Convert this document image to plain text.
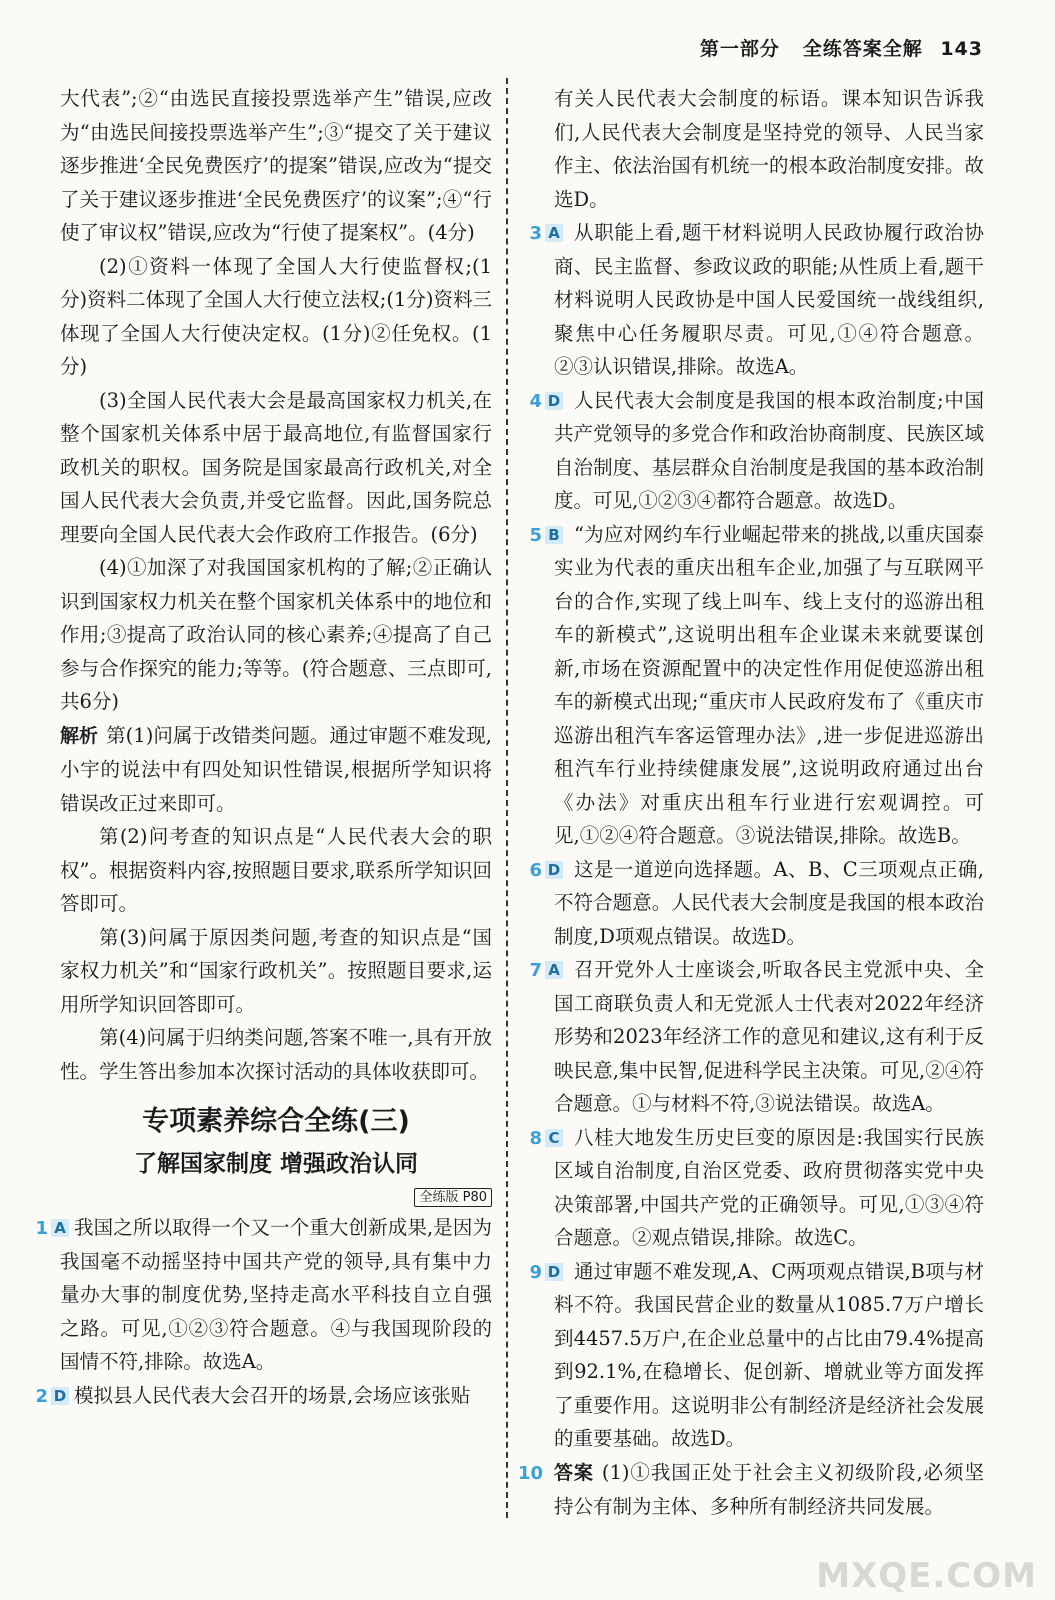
第一部分 全练答案全解 143

大代表”;②“由选民直接投票选举产生”错误,应改为“由选民间接投票选举产生”;③“提交了关于建议逐步推进‘全民免费医疗’的提案”错误,应改为“提交了关于建议逐步推进‘全民免费医疗’的议案”;④“行使了审议权”错误,应改为“行使了提案权”。(4分)

(2)①资料一体现了全国人大行使监督权;(1分)资料二体现了全国人大行使立法权;(1分)资料三体现了全国人大行使决定权。(1分)②任免权。(1分)

(3)全国人民代表大会是最高国家权力机关,在整个国家机关体系中居于最高地位,有监督国家行政机关的职权。国务院是国家最高行政机关,对全国人民代表大会负责,并受它监督。因此,国务院总理要向全国人民代表大会作政府工作报告。(6分)

(4)①加深了对我国国家机构的了解;②正确认识到国家权力机关在整个国家机关体系中的地位和作用;③提高了政治认同的核心素养;④提高了自己参与合作探究的能力;等等。(符合题意、三点即可,共6分)

解析 第(1)问属于改错类问题。通过审题不难发现,小宇的说法中有四处知识性错误,根据所学知识将错误改正过来即可。

第(2)问考查的知识点是“人民代表大会的职权”。根据资料内容,按照题目要求,联系所学知识回答即可。

第(3)问属于原因类问题,考查的知识点是“国家权力机关”和“国家行政机关”。按照题目要求,运用所学知识回答即可。

第(4)问属于归纳类问题,答案不唯一,具有开放性。学生答出参加本次探讨活动的具体收获即可。

专项素养综合全练(三)
了解国家制度 增强政治认同
全练版 P80
1 A 我国之所以取得一个又一个重大创新成果,是因为我国毫不动摇坚持中国共产党的领导,具有集中力量办大事的制度优势,坚持走高水平科技自立自强之路。可见,①②③符合题意。④与我国现阶段的国情不符,排除。故选A。

2 D 模拟县人民代表大会召开的场景,会场应该张贴

有关人民代表大会制度的标语。课本知识告诉我们,人民代表大会制度是坚持党的领导、人民当家作主、依法治国有机统一的根本政治制度安排。故选D。

3 A 从职能上看,题干材料说明人民政协履行政治协商、民主监督、参政议政的职能;从性质上看,题干材料说明人民政协是中国人民爱国统一战线组织,聚焦中心任务履职尽责。可见,①④符合题意。②③认识错误,排除。故选A。

4 D 人民代表大会制度是我国的根本政治制度;中国共产党领导的多党合作和政治协商制度、民族区域自治制度、基层群众自治制度是我国的基本政治制度。可见,①②③④都符合题意。故选D。

5 B “为应对网约车行业崛起带来的挑战,以重庆国泰实业为代表的重庆出租车企业,加强了与互联网平台的合作,实现了线上叫车、线上支付的巡游出租车的新模式”,这说明出租车企业谋未来就要谋创新,市场在资源配置中的决定性作用促使巡游出租车的新模式出现;“重庆市人民政府发布了《重庆市巡游出租汽车客运管理办法》,进一步促进巡游出租汽车行业持续健康发展”,这说明政府通过出台《办法》对重庆出租车行业进行宏观调控。可见,①②④符合题意。③说法错误,排除。故选B。

6 D 这是一道逆向选择题。A、B、C三项观点正确,不符合题意。人民代表大会制度是我国的根本政治制度,D项观点错误。故选D。

7 A 召开党外人士座谈会,听取各民主党派中央、全国工商联负责人和无党派人士代表对2022年经济形势和2023年经济工作的意见和建议,这有利于反映民意,集中民智,促进科学民主决策。可见,②④符合题意。①与材料不符,③说法错误。故选A。

8 C 八桂大地发生历史巨变的原因是:我国实行民族区域自治制度,自治区党委、政府贯彻落实党中央决策部署,中国共产党的正确领导。可见,①③④符合题意。②观点错误,排除。故选C。

9 D 通过审题不难发现,A、C两项观点错误,B项与材料不符。我国民营企业的数量从1085.7万户增长到4457.5万户,在企业总量中的占比由79.4%提高到92.1%,在稳增长、促创新、增就业等方面发挥了重要作用。这说明非公有制经济是经济社会发展的重要基础。故选D。

10 答案 (1)①我国正处于社会主义初级阶段,必须坚持公有制为主体、多种所有制经济共同发展。

MXQE.COM
